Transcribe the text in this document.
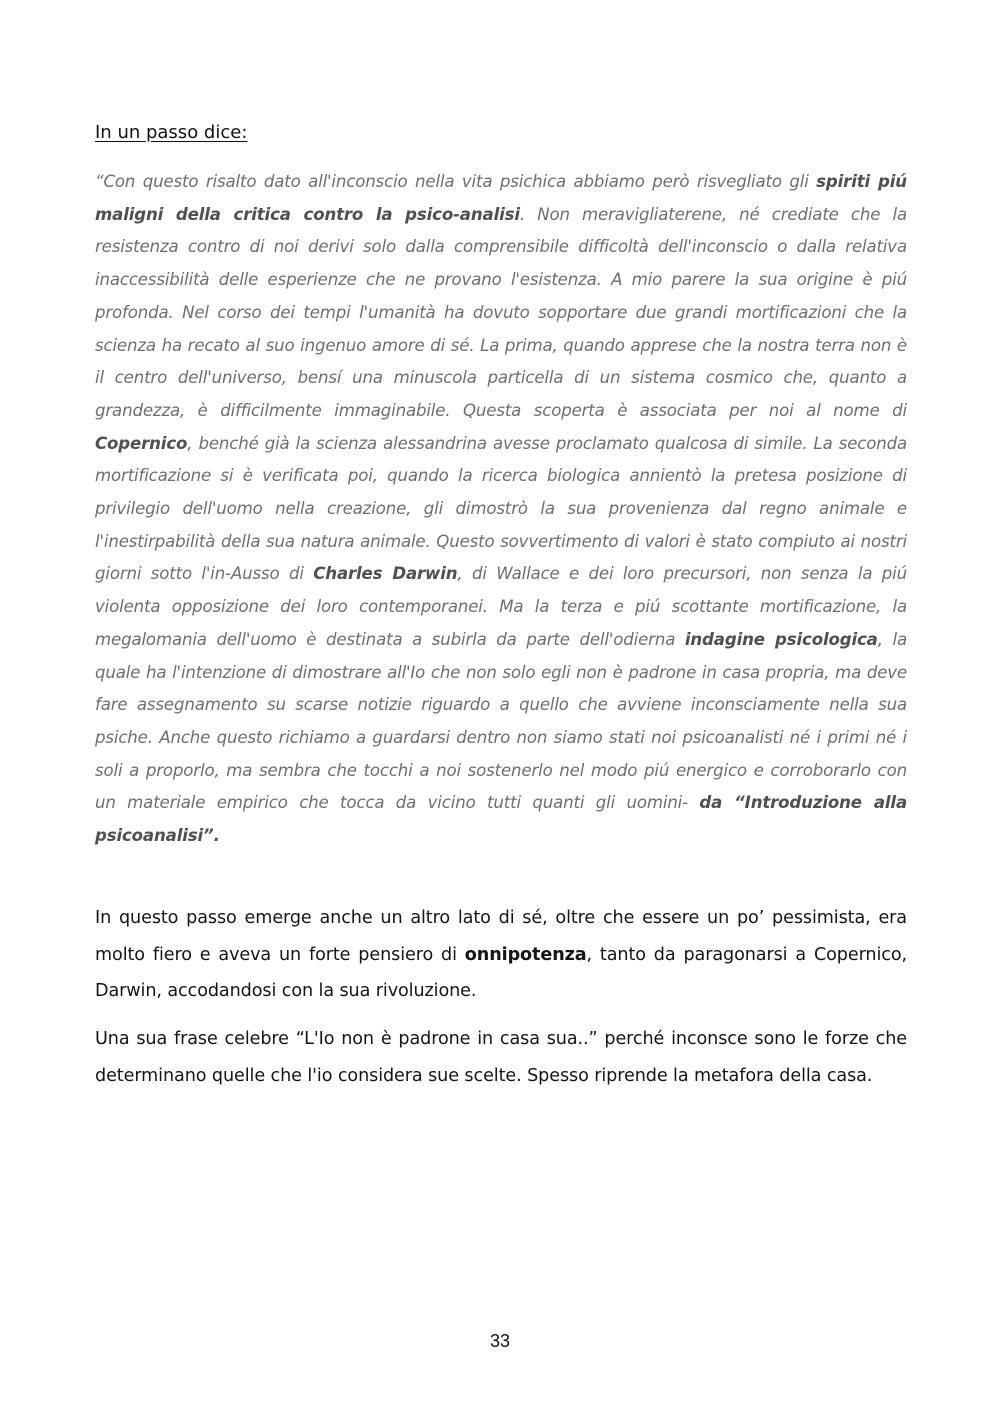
In un passo dice:

“Con questo risalto dato all'inconscio nella vita psichica abbiamo però risvegliato gli spiriti piú maligni della critica contro la psico-analisi. Non meravigliaterene, né crediate che la resistenza contro di noi derivi solo dalla comprensibile difficoltà dell'inconscio o dalla relativa inaccessibilità delle esperienze che ne provano l'esistenza. A mio parere la sua origine è piú profonda. Nel corso dei tempi l'umanità ha dovuto sopportare due grandi mortificazioni che la scienza ha recato al suo ingenuo amore di sé. La prima, quando apprese che la nostra terra non è il centro dell'universo, bensí una minuscola particella di un sistema cosmico che, quanto a grandezza, è difficilmente immaginabile. Questa scoperta è associata per noi al nome di Copernico, benché già la scienza alessandrina avesse proclamato qualcosa di simile. La seconda mortificazione si è verificata poi, quando la ricerca biologica annientò la pretesa posizione di privilegio dell'uomo nella creazione, gli dimostrò la sua provenienza dal regno animale e l'inestirpabilità della sua natura animale. Questo sovvertimento di valori è stato compiuto ai nostri giorni sotto l'in-Ausso di Charles Darwin, di Wallace e dei loro precursori, non senza la piú violenta opposizione dei loro contemporanei. Ma la terza e piú scottante mortificazione, la megalomania dell'uomo è destinata a subirla da parte dell'odierna indagine psicologica, la quale ha l'intenzione di dimostrare all'Io che non solo egli non è padrone in casa propria, ma deve fare assegnamento su scarse notizie riguardo a quello che avviene inconsciamente nella sua psiche. Anche questo richiamo a guardarsi dentro non siamo stati noi psicoanalisti né i primi né i soli a proporlo, ma sembra che tocchi a noi sostenerlo nel modo piú energico e corroborarlo con un materiale empirico che tocca da vicino tutti quanti gli uomini- da “Introduzione alla psicoanalisi”.

In questo passo emerge anche un altro lato di sé, oltre che essere un po’ pessimista, era molto fiero e aveva un forte pensiero di onnipotenza, tanto da paragonarsi a Copernico, Darwin, accodandosi con la sua rivoluzione.

Una sua frase celebre “L'Io non è padrone in casa sua..” perché inconsce sono le forze che determinano quelle che l'io considera sue scelte. Spesso riprende la metafora della casa.

33
